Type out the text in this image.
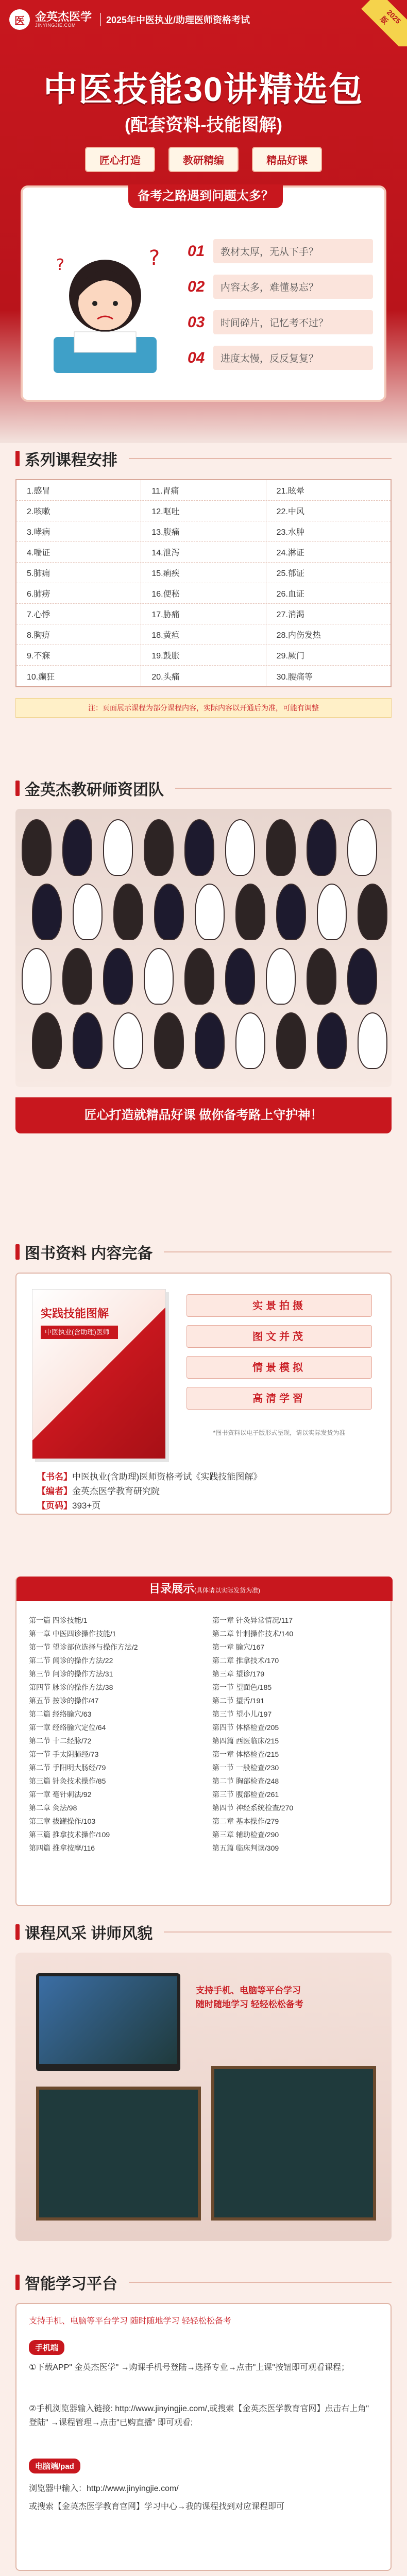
医 金英杰医学
JINYINGJIE.COM	2025年中医执业/助理医师资格考试	2025版
中医技能30讲精选包
(配套资料-技能图解)
匠心打造	教研精编	精品好课
备考之路遇到问题太多？
?
?
01	教材太厚，无从下手？
02	内容太多，难懂易忘？
03	时间碎片，记忆考不过？
04	进度太慢，反反复复？
系列课程安排
1.感冒	11.胃痛	21.眩晕
2.咳嗽	12.呕吐	22.中风
3.哮病	13.腹痛	23.水肿
4.喘证	14.泄泻	24.淋证
5.肺痈	15.痢疾	25.郁证
6.肺痨	16.便秘	26.血证
7.心悸	17.胁痛	27.消渴
8.胸痹	18.黄疸	28.内伤发热
9.不寐	19.鼓胀	29.厥门
10.癫狂	20.头痛	30.腰痛等
注：页面展示课程为部分课程内容，实际内容以开通后为准，可能有调整
金英杰教研师资团队
匠心打造就精品好课 做你备考路上守护神！
图书资料 内容完备
实践技能图解
中医执业(含助理)医师
实景拍摄
图文并茂
情景模拟
高清学習
*图书资料以电子版形式呈现，请以实际发货为准
【书名】中医执业(含助理)医师资格考试《实践技能图解》
【编者】金英杰医学教育研究院
【页码】393+页
目录展示(具体请以实际发货为准)
第一篇 四诊技能/1
第一章 中医四诊操作技能/1
第一节 望诊部位选择与操作方法/2
第二节 闻诊的操作方法/22
第三节 问诊的操作方法/31
第四节 脉诊的操作方法/38
第五节 按诊的操作/47
第二篇 经络腧穴/63
第一章 经络腧穴定位/64
第二节 十二经脉/72
第一节 手太阴肺经/73
第二节 手阳明大肠经/79
第三篇 针灸技术操作/85
第一章 毫针刺法/92
第二章 灸法/98
第三章 拔罐操作/103
第三篇 推拿技术操作/109
第四篇 推拿按摩/116
第一章 针灸异常情况/117
第二章 针刺操作技术/140
第一章 腧穴/167
第二章 推拿技术/170
第三章 望诊/179
第一节 望面色/185
第二节 望舌/191
第三节 望小儿/197
第四节 体格检查/205
第四篇 西医临床/215
第一章 体格检查/215
第一节 一般检查/230
第二节 胸部检查/248
第三节 腹部检查/261
第四节 神经系统检查/270
第二章 基本操作/279
第三章 辅助检查/290
第五篇 临床判读/309
课程风采 讲师风貌
支持手机、电脑等平台学习
随时随地学习 轻轻松松备考
智能学习平台
支持手机、电脑等平台学习 随时随地学习 轻轻松松备考
手机端
①下载APP" 金英杰医学" →购课手机号登陆→选择专业→点击"上课"按钮即可观看课程；
②手机浏览器输入链接: http://www.jinyingjie.com/,或搜索【金英杰医学教育官网】点击右上角" 登陆" →课程管理→点击"已购直播" 即可观看;
电脑端/pad
浏览器中输入：http://www.jinyingjie.com/
或搜索【金英杰医学教育官网】学习中心→我的课程找到对应课程即可
